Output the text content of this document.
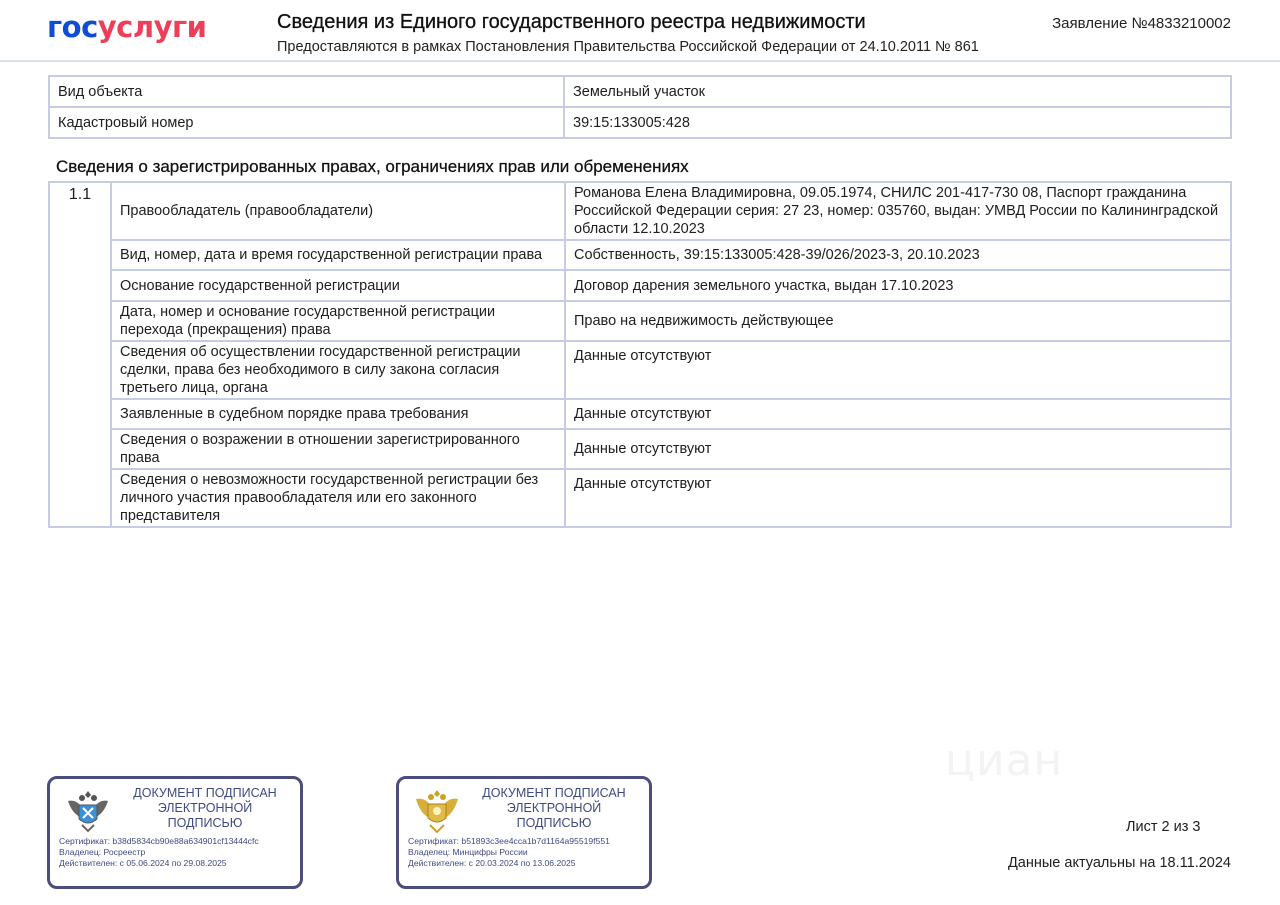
госуслуги	Сведения из Единого государственного реестра недвижимости
Предоставляются в рамках Постановления Правительства Российской Федерации от 24.10.2011 № 861
Заявление №4833210002
Вид объекта	Земельный участок
Кадастровый номер	39:15:133005:428
Сведения о зарегистрированных правах, ограничениях прав или обременениях
1.1	Правообладатель (правообладатели)	Романова Елена Владимировна, 09.05.1974, СНИЛС 201-417-730 08, Паспорт гражданина Российской Федерации серия: 27 23, номер: 035760, выдан: УМВД России по Калининградской области 12.10.2023
	Вид, номер, дата и время государственной регистрации права	Собственность, 39:15:133005:428-39/026/2023-3, 20.10.2023
	Основание государственной регистрации	Договор дарения земельного участка, выдан 17.10.2023
	Дата, номер и основание государственной регистрации перехода (прекращения) права	Право на недвижимость действующее
	Сведения об осуществлении государственной регистрации сделки, права без необходимого в силу закона согласия третьего лица, органа	Данные отсутствуют
	Заявленные в судебном порядке права требования	Данные отсутствуют
	Сведения о возражении в отношении зарегистрированного права	Данные отсутствуют
	Сведения о невозможности государственной регистрации без личного участия правообладателя или его законного представителя	Данные отсутствуют
циан
ДОКУМЕНТ ПОДПИСАН ЭЛЕКТРОННОЙ ПОДПИСЬЮ
Сертификат: b38d5834cb90e88a634901cf13444cfc
Владелец: Росреестр
Действителен: с 05.06.2024 по 29.08.2025
ДОКУМЕНТ ПОДПИСАН ЭЛЕКТРОННОЙ ПОДПИСЬЮ
Сертификат: b51893c3ee4cca1b7d1164a95519f551
Владелец: Минцифры России
Действителен: с 20.03.2024 по 13.06.2025
Лист 2 из 3
Данные актуальны на 18.11.2024
